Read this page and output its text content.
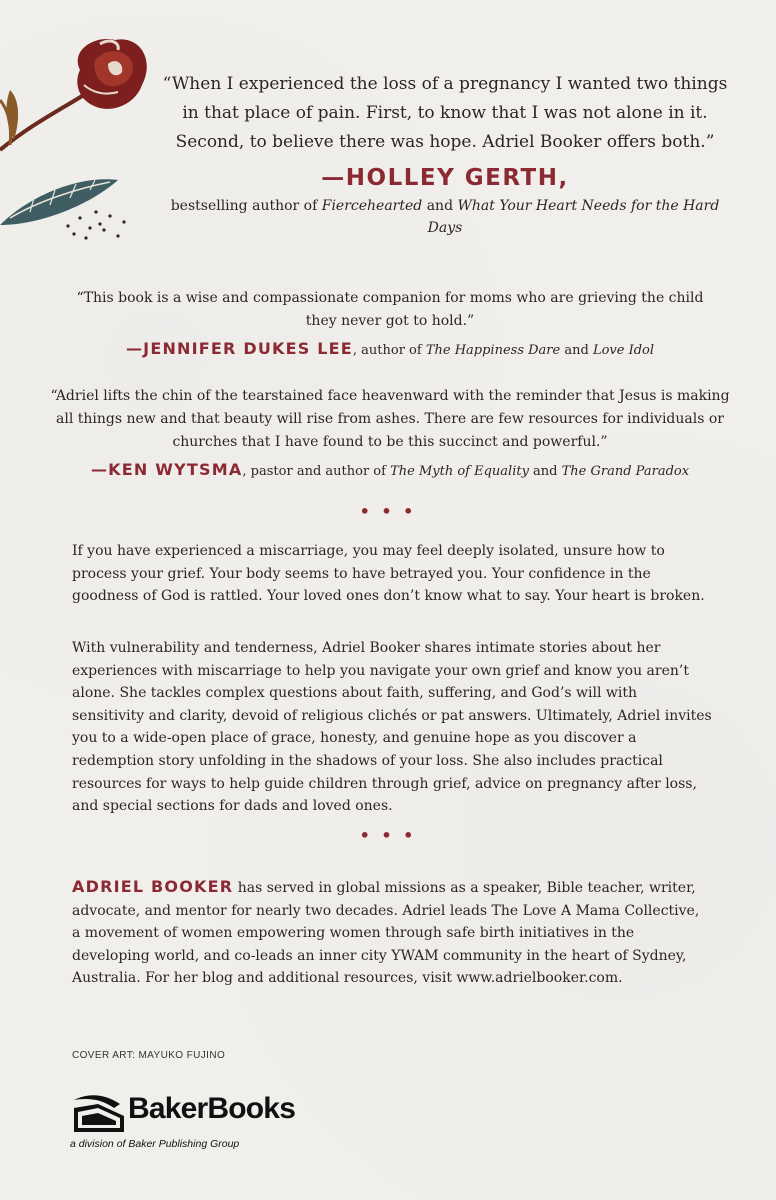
“When I experienced the loss of a pregnancy I wanted two things in that place of pain. First, to know that I was not alone in it. Second, to believe there was hope. Adriel Booker offers both.”

—HOLLEY GERTH,
bestselling author of Fiercehearted and What Your Heart Needs for the Hard Days

“This book is a wise and compassionate companion for moms who are grieving the child they never got to hold.”

—JENNIFER DUKES LEE, author of The Happiness Dare and Love Idol

“Adriel lifts the chin of the tearstained face heavenward with the reminder that Jesus is making all things new and that beauty will rise from ashes. There are few resources for individuals or churches that I have found to be this succinct and powerful.”

—KEN WYTSMA, pastor and author of The Myth of Equality and The Grand Paradox
• • •

If you have experienced a miscarriage, you may feel deeply isolated, unsure how to process your grief. Your body seems to have betrayed you. Your confidence in the goodness of God is rattled. Your loved ones don’t know what to say. Your heart is broken.

With vulnerability and tenderness, Adriel Booker shares intimate stories about her experiences with miscarriage to help you navigate your own grief and know you aren’t alone. She tackles complex questions about faith, suffering, and God’s will with sensitivity and clarity, devoid of religious clichés or pat answers. Ultimately, Adriel invites you to a wide-open place of grace, honesty, and genuine hope as you discover a redemption story unfolding in the shadows of your loss. She also includes practical resources for ways to help guide children through grief, advice on pregnancy after loss, and special sections for dads and loved ones.

• • •

ADRIEL BOOKER has served in global missions as a speaker, Bible teacher, writer, advocate, and mentor for nearly two decades. Adriel leads The Love A Mama Collective, a movement of women empowering women through safe birth initiatives in the developing world, and co-leads an inner city YWAM community in the heart of Sydney, Australia. For her blog and additional resources, visit www.adrielbooker.com.

COVER ART: MAYUKO FUJINO
BakerBooks
a division of Baker Publishing Group
